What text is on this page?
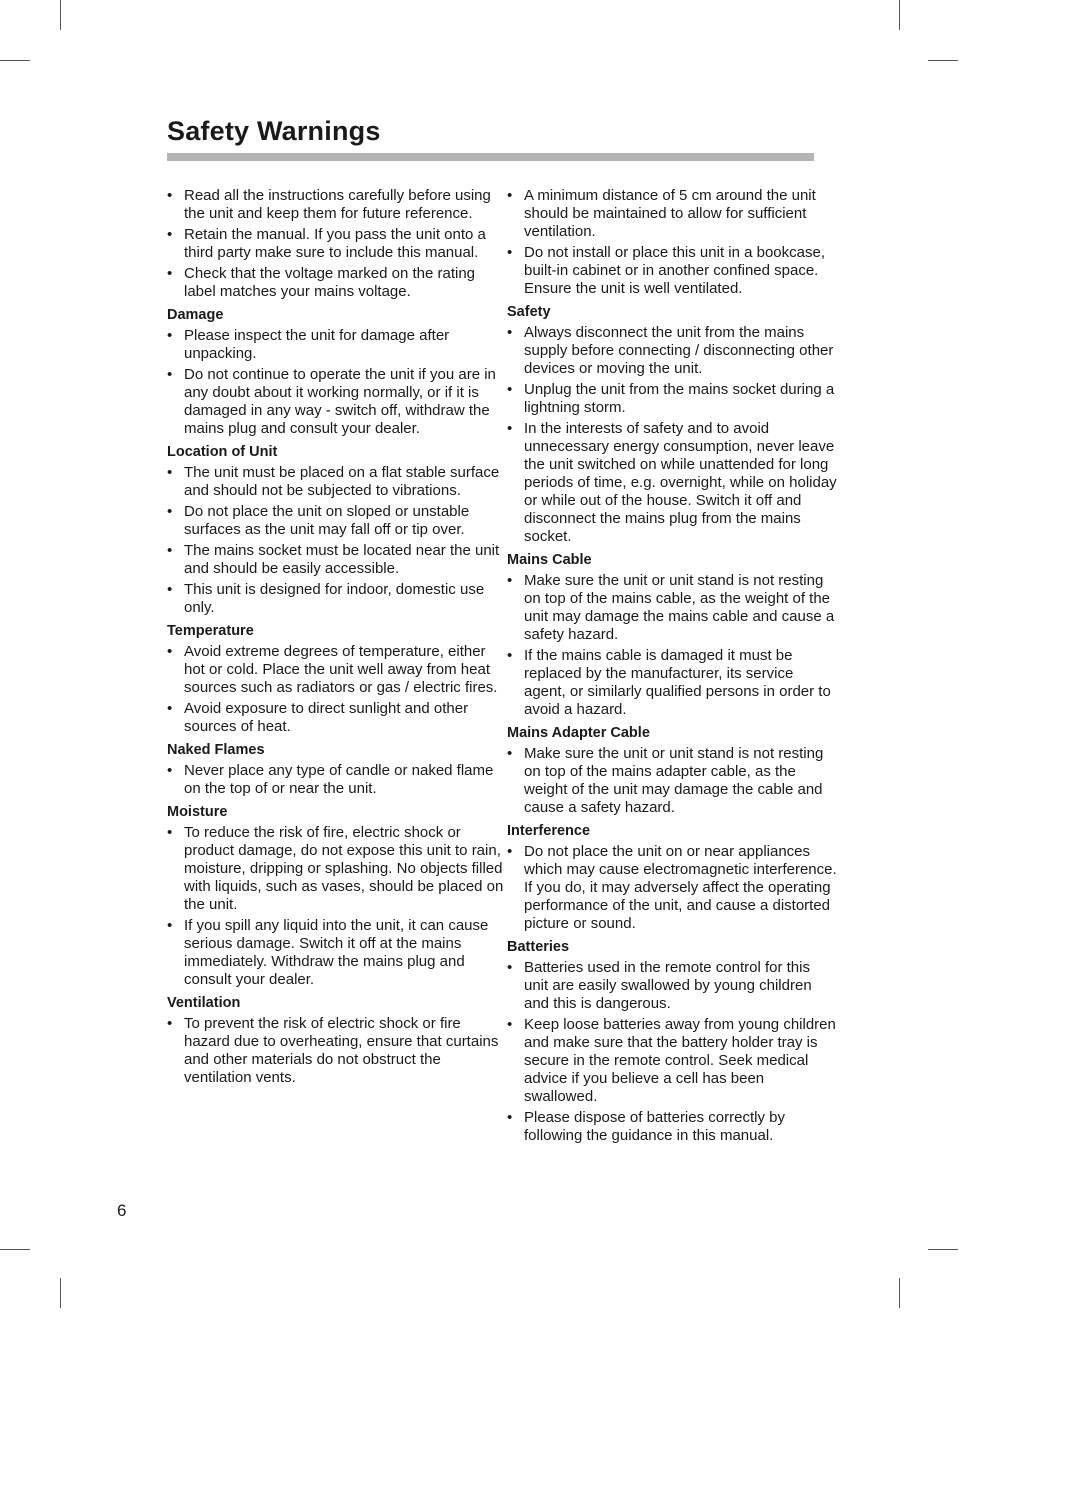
Safety Warnings
• Read all the instructions carefully before using the unit and keep them for future reference.
• Retain the manual. If you pass the unit onto a third party make sure to include this manual.
• Check that the voltage marked on the rating label matches your mains voltage.
Damage
• Please inspect the unit for damage after unpacking.
• Do not continue to operate the unit if you are in any doubt about it working normally, or if it is damaged in any way - switch off, withdraw the mains plug and consult your dealer.
Location of Unit
• The unit must be placed on a flat stable surface and should not be subjected to vibrations.
• Do not place the unit on sloped or unstable surfaces as the unit may fall off or tip over.
• The mains socket must be located near the unit and should be easily accessible.
• This unit is designed for indoor, domestic use only.
Temperature
• Avoid extreme degrees of temperature, either hot or cold. Place the unit well away from heat sources such as radiators or gas / electric fires.
• Avoid exposure to direct sunlight and other sources of heat.
Naked Flames
• Never place any type of candle or naked flame on the top of or near the unit.
Moisture
• To reduce the risk of fire, electric shock or product damage, do not expose this unit to rain, moisture, dripping or splashing. No objects filled with liquids, such as vases, should be placed on the unit.
• If you spill any liquid into the unit, it can cause serious damage. Switch it off at the mains immediately. Withdraw the mains plug and consult your dealer.
Ventilation
• To prevent the risk of electric shock or fire hazard due to overheating, ensure that curtains and other materials do not obstruct the ventilation vents.
• A minimum distance of 5 cm around the unit should be maintained to allow for sufficient ventilation.
• Do not install or place this unit in a bookcase, built-in cabinet or in another confined space. Ensure the unit is well ventilated.
Safety
• Always disconnect the unit from the mains supply before connecting / disconnecting other devices or moving the unit.
• Unplug the unit from the mains socket during a lightning storm.
• In the interests of safety and to avoid unnecessary energy consumption, never leave the unit switched on while unattended for long periods of time, e.g. overnight, while on holiday or while out of the house. Switch it off and disconnect the mains plug from the mains socket.
Mains Cable
• Make sure the unit or unit stand is not resting on top of the mains cable, as the weight of the unit may damage the mains cable and cause a safety hazard.
• If the mains cable is damaged it must be replaced by the manufacturer, its service agent, or similarly qualified persons in order to avoid a hazard.
Mains Adapter Cable
• Make sure the unit or unit stand is not resting on top of the mains adapter cable, as the weight of the unit may damage the cable and cause a safety hazard.
Interference
• Do not place the unit on or near appliances which may cause electromagnetic interference. If you do, it may adversely affect the operating performance of the unit, and cause a distorted picture or sound.
Batteries
• Batteries used in the remote control for this unit are easily swallowed by young children and this is dangerous.
• Keep loose batteries away from young children and make sure that the battery holder tray is secure in the remote control. Seek medical advice if you believe a cell has been swallowed.
• Please dispose of batteries correctly by following the guidance in this manual.
6
